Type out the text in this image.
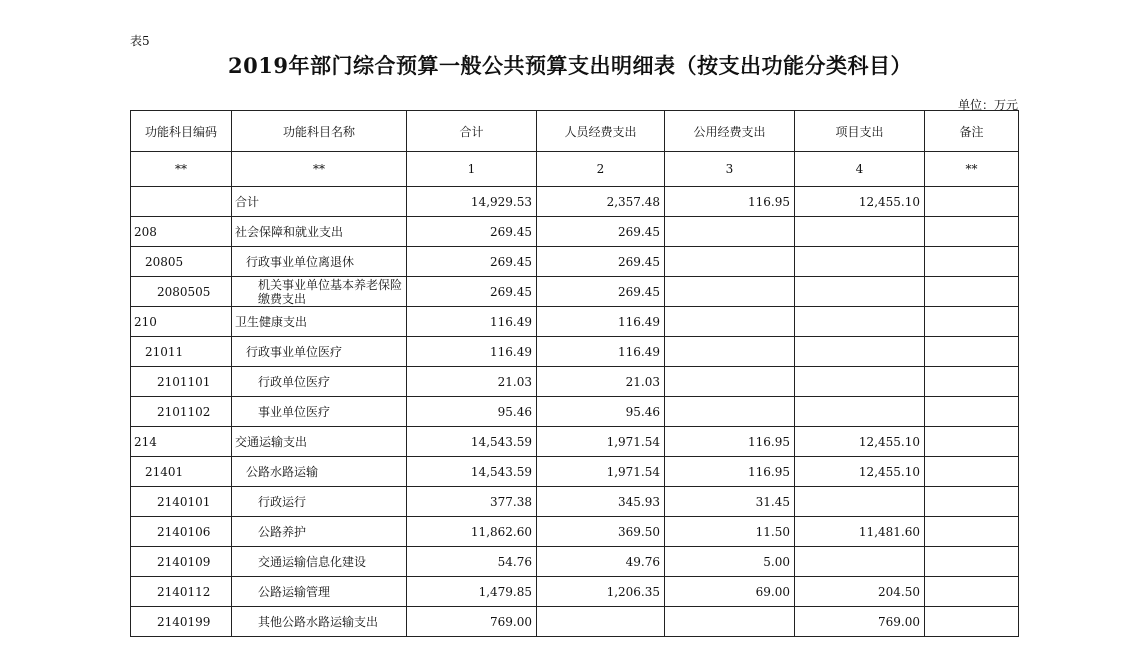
表5
2019年部门综合预算一般公共预算支出明细表（按支出功能分类科目）
单位：万元
功能科目编码	功能科目名称	合计	人员经费支出	公用经费支出	项目支出	备注
**	**	1	2	3	4	**
	合计	14,929.53	2,357.48	116.95	12,455.10	
208	社会保障和就业支出	269.45	269.45			
20805	行政事业单位离退休	269.45	269.45			
2080505	机关事业单位基本养老保险缴费支出	269.45	269.45			
210	卫生健康支出	116.49	116.49			
21011	行政事业单位医疗	116.49	116.49			
2101101	行政单位医疗	21.03	21.03			
2101102	事业单位医疗	95.46	95.46			
214	交通运输支出	14,543.59	1,971.54	116.95	12,455.10	
21401	公路水路运输	14,543.59	1,971.54	116.95	12,455.10	
2140101	行政运行	377.38	345.93	31.45		
2140106	公路养护	11,862.60	369.50	11.50	11,481.60	
2140109	交通运输信息化建设	54.76	49.76	5.00		
2140112	公路运输管理	1,479.85	1,206.35	69.00	204.50	
2140199	其他公路水路运输支出	769.00			769.00	
